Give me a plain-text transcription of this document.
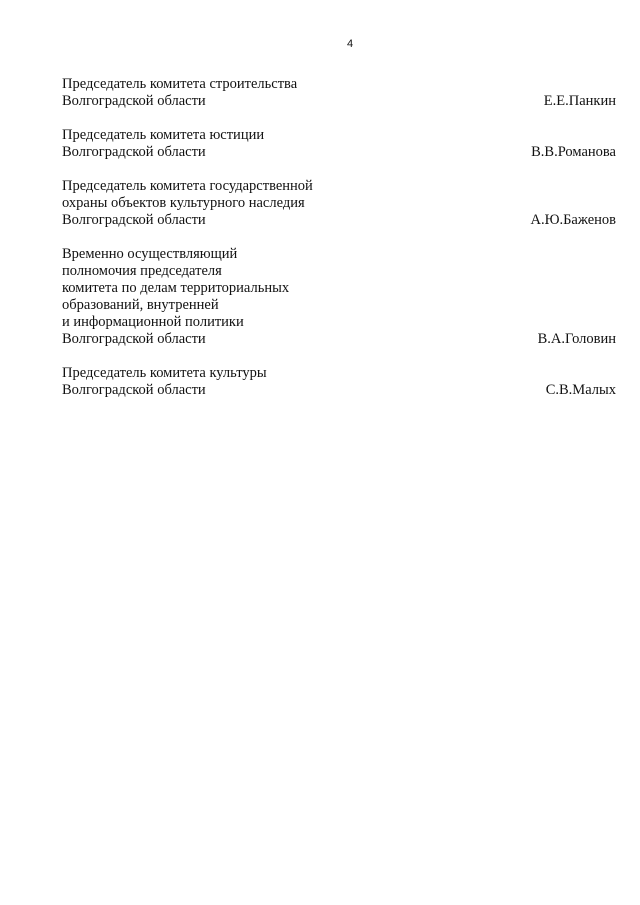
4
Председатель комитета строительства
Волгоградской области	Е.Е.Панкин
Председатель комитета юстиции
Волгоградской области	В.В.Романова
Председатель комитета государственной
охраны объектов культурного наследия
Волгоградской области	А.Ю.Баженов
Временно осуществляющий
полномочия председателя
комитета по делам территориальных
образований, внутренней
и информационной политики
Волгоградской области	В.А.Головин
Председатель комитета культуры
Волгоградской области	С.В.Малых
